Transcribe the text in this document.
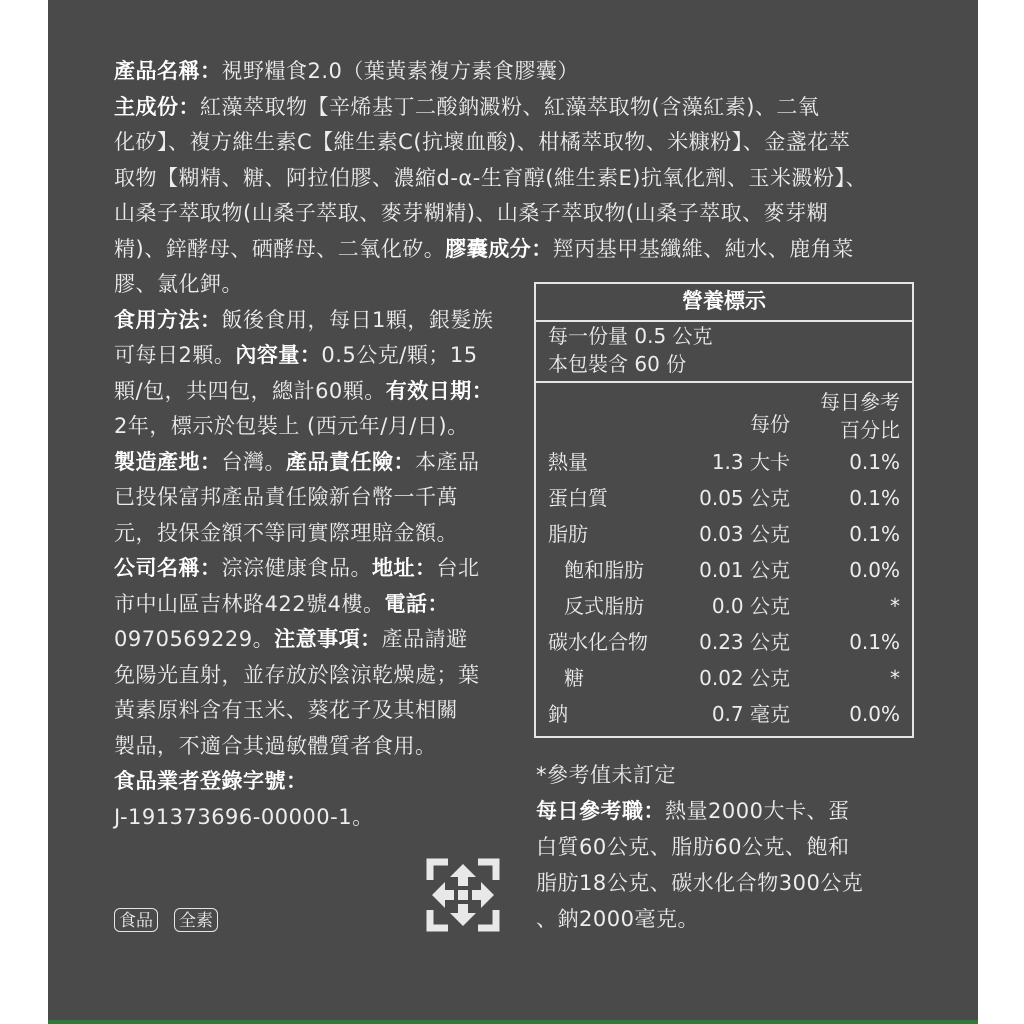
產品名稱：視野糧食2.0（葉黃素複方素食膠囊）
主成份：紅藻萃取物【辛烯基丁二酸鈉澱粉、紅藻萃取物(含藻紅素)、二氧
化矽】、複方維生素C【維生素C(抗壞血酸)、柑橘萃取物、米糠粉】、金盞花萃
取物【糊精、糖、阿拉伯膠、濃縮d-α-生育醇(維生素E)抗氧化劑、玉米澱粉】、
山桑子萃取物(山桑子萃取、麥芽糊精)、山桑子萃取物(山桑子萃取、麥芽糊
精)、鋅酵母、硒酵母、二氧化矽。膠囊成分：羥丙基甲基纖維、純水、鹿角菜
膠、氯化鉀。
食用方法：飯後食用，每日1顆，銀髮族
可每日2顆。內容量：0.5公克/顆；15
顆/包，共四包，總計60顆。有效日期：
2年，標示於包裝上 (西元年/月/日)。
製造產地：台灣。產品責任險：本產品
已投保富邦產品責任險新台幣一千萬
元，投保金額不等同實際理賠金額。
公司名稱：淙淙健康食品。地址：台北
市中山區吉林路422號4樓。電話：
0970569229。注意事項：產品請避
免陽光直射，並存放於陰涼乾燥處；葉
黃素原料含有玉米、葵花子及其相關
製品，不適合其過敏體質者食用。
食品業者登錄字號：
J-191373696-00000-1。
營養標示
每一份量 0.5 公克
本包裝含 60 份
每份
每日參考
百分比
熱量	1.3 大卡	0.1%
蛋白質	0.05 公克	0.1%
脂肪	0.03 公克	0.1%
飽和脂肪	0.01 公克	0.0%
反式脂肪	0.0 公克	*
碳水化合物	0.23 公克	0.1%
糖	0.02 公克	*
鈉	0.7 毫克	0.0%
*參考值未訂定
每日參考職：熱量2000大卡、蛋
白質60公克、脂肪60公克、飽和
脂肪18公克、碳水化合物300公克
、鈉2000毫克。
食品 全素
